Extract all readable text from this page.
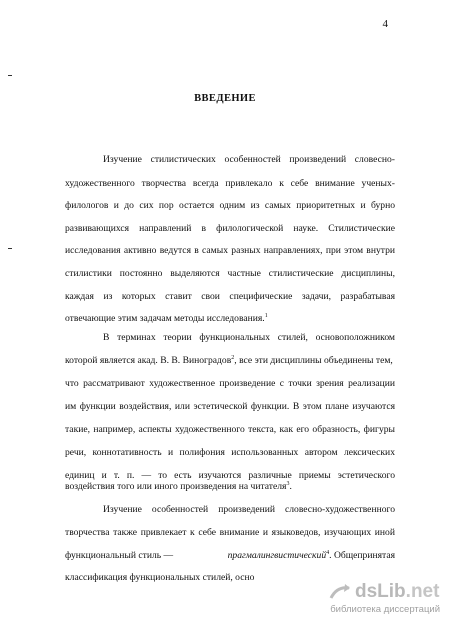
4
ВВЕДЕНИЕ
Изучение стилистических особенностей произведений словесно-
художественного творчества всегда привлекало к себе внимание ученых-
филологов и до сих пор остается одним из самых приоритетных и бурно
развивающихся направлений в филологической науке. Стилистические
исследования активно ведутся в самых разных направлениях, при этом внутри
стилистики постоянно выделяются частные стилистические дисциплины,
каждая из которых ставит свои специфические задачи, разрабатывая
отвечающие этим задачам методы исследования.$^1$
В терминах теории функциональных стилей, основоположником
которой является акад. В. В. Виноградов$^2$, все эти дисциплины объединены тем,
что рассматривают художественное произведение с точки зрения реализации
им функции воздействия, или эстетической функции. В этом плане изучаются
такие, например, аспекты художественного текста, как его образность, фигуры
речи, коннотативность и полифония использованных автором лексических
единиц и т. п. — то есть изучаются различные приемы эстетического
воздействия того или иного произведения на читателя$^3$.
Изучение особенностей произведений словесно-художественного
творчества также привлекает к себе внимание и языковедов, изучающих иной
функциональный стиль —	прагмалингвистический$^4$. Общепринятая
классификация функциональных стилей, осно
dsLib.net
библиотека диссертаций
